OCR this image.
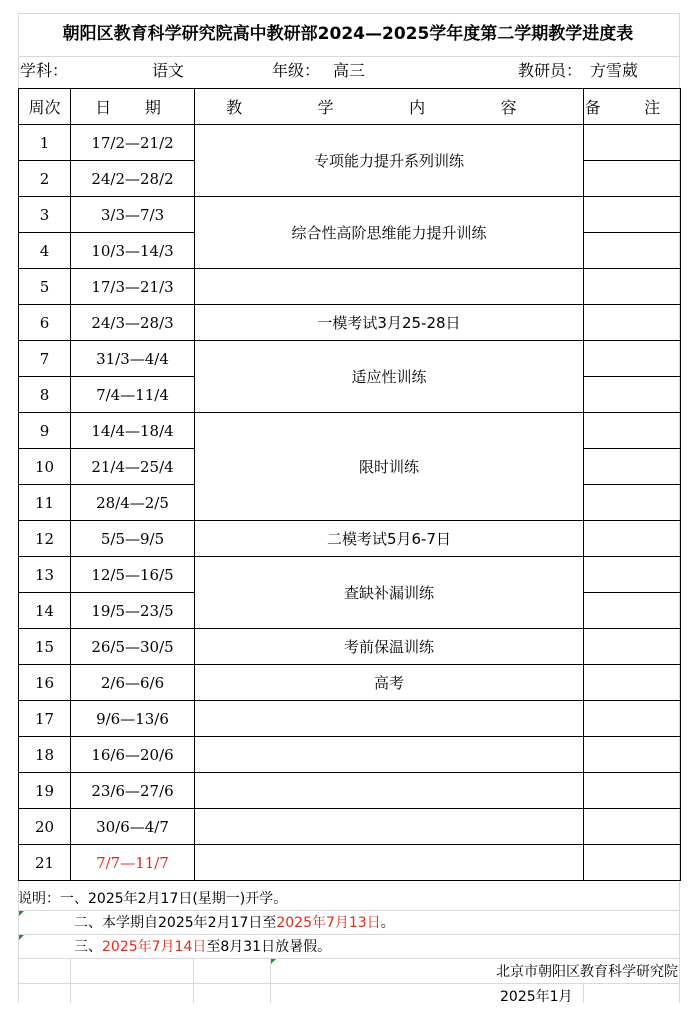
朝阳区教育科学研究院高中教研部2024—2025学年度第二学期教学进度表
学科：	语文	年级： 高三	教研员： 方雪葳
周次	日　期	教 学 内 容	备 注
1	17/2—21/2	专项能力提升系列训练	
2	24/2—28/2		
3	3/3—7/3	综合性高阶思维能力提升训练	
4	10/3—14/3		
5	17/3—21/3		
6	24/3—28/3	一模考试3月25-28日	
7	31/3—4/4	适应性训练	
8	7/4—11/4		
9	14/4—18/4	限时训练	
10	21/4—25/4		
11	28/4—2/5		
12	5/5—9/5	二模考试5月6-7日	
13	12/5—16/5	查缺补漏训练	
14	19/5—23/5		
15	26/5—30/5	考前保温训练	
16	2/6—6/6	高考	
17	9/6—13/6		
18	16/6—20/6		
19	23/6—27/6		
20	30/6—4/7		
21	7/7—11/7		
说明：一、2025年2月17日(星期一)开学。
二、本学期自2025年2月17日至2025年7月13日。
三、2025年7月14日至8月31日放暑假。
北京市朝阳区教育科学研究院
2025年1月
